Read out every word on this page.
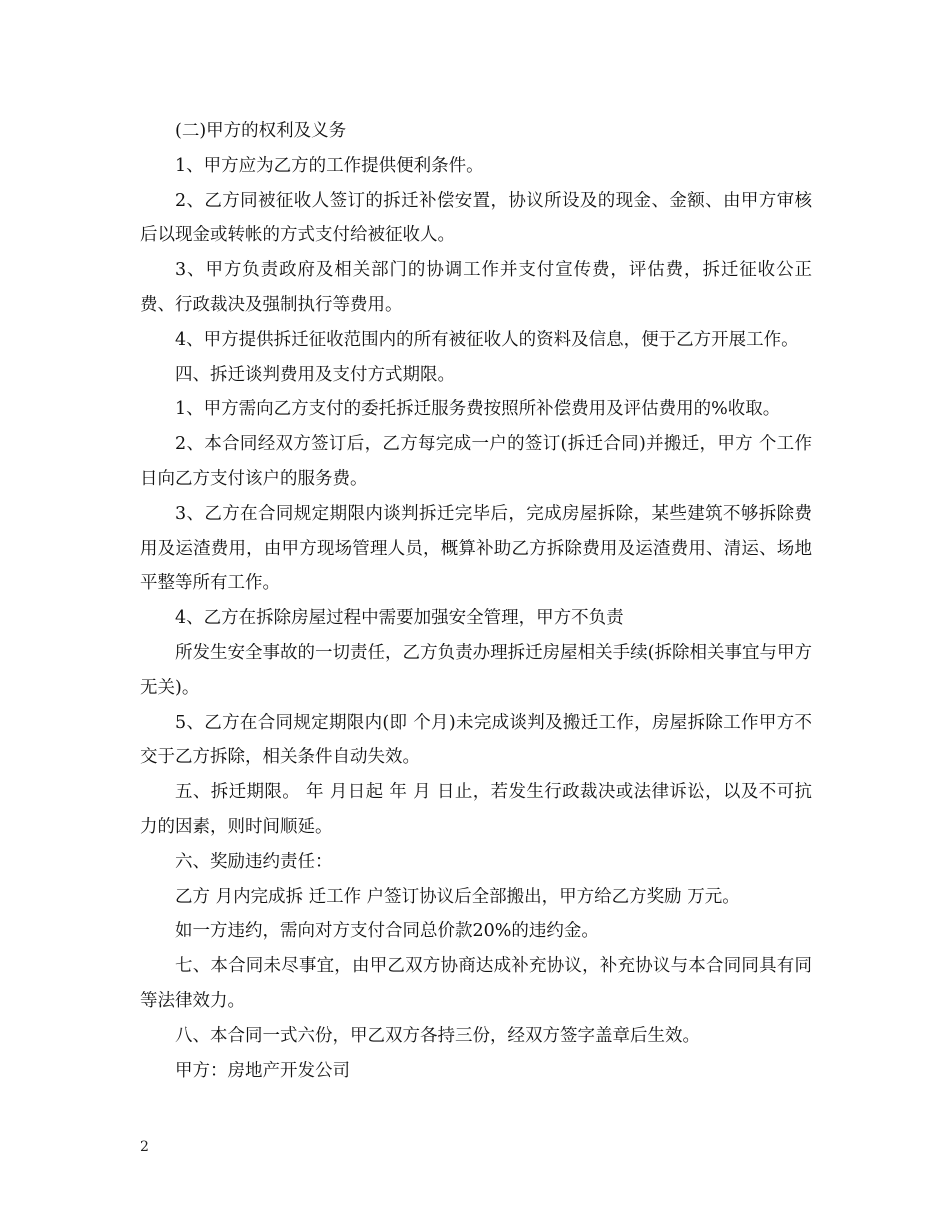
(二)甲方的权利及义务

1、甲方应为乙方的工作提供便利条件。

2、乙方同被征收人签订的拆迁补偿安置，协议所设及的现金、金额、由甲方审核后以现金或转帐的方式支付给被征收人。

3、甲方负责政府及相关部门的协调工作并支付宣传费，评估费，拆迁征收公正费、行政裁决及强制执行等费用。

4、甲方提供拆迁征收范围内的所有被征收人的资料及信息，便于乙方开展工作。

四、拆迁谈判费用及支付方式期限。

1、甲方需向乙方支付的委托拆迁服务费按照所补偿费用及评估费用的%收取。

2、本合同经双方签订后，乙方每完成一户的签订(拆迁合同)并搬迁，甲方 个工作日向乙方支付该户的服务费。

3、乙方在合同规定期限内谈判拆迁完毕后，完成房屋拆除，某些建筑不够拆除费用及运渣费用，由甲方现场管理人员，概算补助乙方拆除费用及运渣费用、清运、场地平整等所有工作。

4、乙方在拆除房屋过程中需要加强安全管理，甲方不负责

所发生安全事故的一切责任，乙方负责办理拆迁房屋相关手续(拆除相关事宜与甲方无关)。

5、乙方在合同规定期限内(即 个月)未完成谈判及搬迁工作，房屋拆除工作甲方不交于乙方拆除，相关条件自动失效。

五、拆迁期限。 年 月日起 年 月 日止，若发生行政裁决或法律诉讼，以及不可抗力的因素，则时间顺延。

六、奖励违约责任：

乙方 月内完成拆 迁工作 户签订协议后全部搬出，甲方给乙方奖励 万元。

如一方违约，需向对方支付合同总价款20%的违约金。

七、本合同未尽事宜，由甲乙双方协商达成补充协议，补充协议与本合同同具有同等法律效力。

八、本合同一式六份，甲乙双方各持三份，经双方签字盖章后生效。

甲方：房地产开发公司

2
